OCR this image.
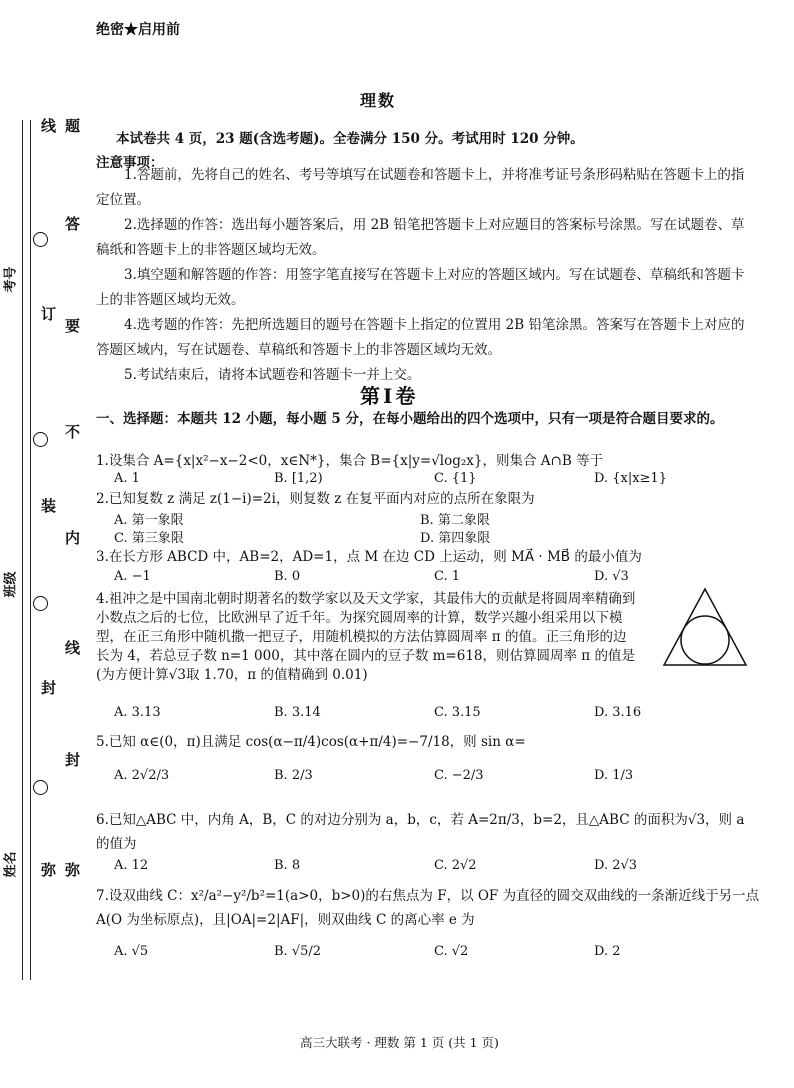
考号
班级
姓名
线
订
装
封
弥
题
答
要
不
内
线
封
弥
绝密★启用前
理数
本试卷共 4 页，23 题(含选考题)。全卷满分 150 分。考试用时 120 分钟。
注意事项：

1.答题前，先将自己的姓名、考号等填写在试题卷和答题卡上，并将准考证号条形码粘贴在答题卡上的指定位置。

2.选择题的作答：选出每小题答案后，用 2B 铅笔把答题卡上对应题目的答案标号涂黑。写在试题卷、草稿纸和答题卡上的非答题区域均无效。

3.填空题和解答题的作答：用签字笔直接写在答题卡上对应的答题区域内。写在试题卷、草稿纸和答题卡上的非答题区域均无效。

4.选考题的作答：先把所选题目的题号在答题卡上指定的位置用 2B 铅笔涂黑。答案写在答题卡上对应的答题区域内，写在试题卷、草稿纸和答题卡上的非答题区域均无效。

5.考试结束后，请将本试题卷和答题卡一并上交。

第Ⅰ卷
一、选择题：本题共 12 小题，每小题 5 分，在每小题给出的四个选项中，只有一项是符合题目要求的。
1.设集合 A={x|x²−x−2<0，x∈N*}，集合 B={x|y=√log₂x}，则集合 A∩B 等于
A. 1	B. [1,2)	C. {1}	D. {x|x≥1}
2.已知复数 z 满足 z(1−i)=2i，则复数 z 在复平面内对应的点所在象限为
A. 第一象限	B. 第二象限
C. 第三象限	D. 第四象限
3.在长方形 ABCD 中，AB=2，AD=1，点 M 在边 CD 上运动，则 MA⃗ · MB⃗ 的最小值为
A. −1	B. 0	C. 1	D. √3
4.祖冲之是中国南北朝时期著名的数学家以及天文学家，其最伟大的贡献是将圆周率精确到小数点之后的七位，比欧洲早了近千年。为探究圆周率的计算，数学兴趣小组采用以下模型，在正三角形中随机撒一把豆子，用随机模拟的方法估算圆周率 π 的值。正三角形的边长为 4，若总豆子数 n=1 000，其中落在圆内的豆子数 m=618，则估算圆周率 π 的值是(为方便计算√3取 1.70，π 的值精确到 0.01)
A. 3.13	B. 3.14	C. 3.15	D. 3.16
5.已知 α∈(0，π)且满足 cos(α−π/4)cos(α+π/4)=−7/18，则 sin α=
A. 2√2/3	B. 2/3	C. −2/3	D. 1/3
6.已知△ABC 中，内角 A，B，C 的对边分别为 a，b，c，若 A=2π/3，b=2，且△ABC 的面积为√3，则 a 的值为
A. 12	B. 8	C. 2√2	D. 2√3
7.设双曲线 C：x²/a²−y²/b²=1(a>0，b>0)的右焦点为 F，以 OF 为直径的圆交双曲线的一条渐近线于另一点 A(O 为坐标原点)，且|OA|=2|AF|，则双曲线 C 的离心率 e 为
A. √5	B. √5/2	C. √2	D. 2
高三大联考 · 理数 第 1 页 (共 1 页)
